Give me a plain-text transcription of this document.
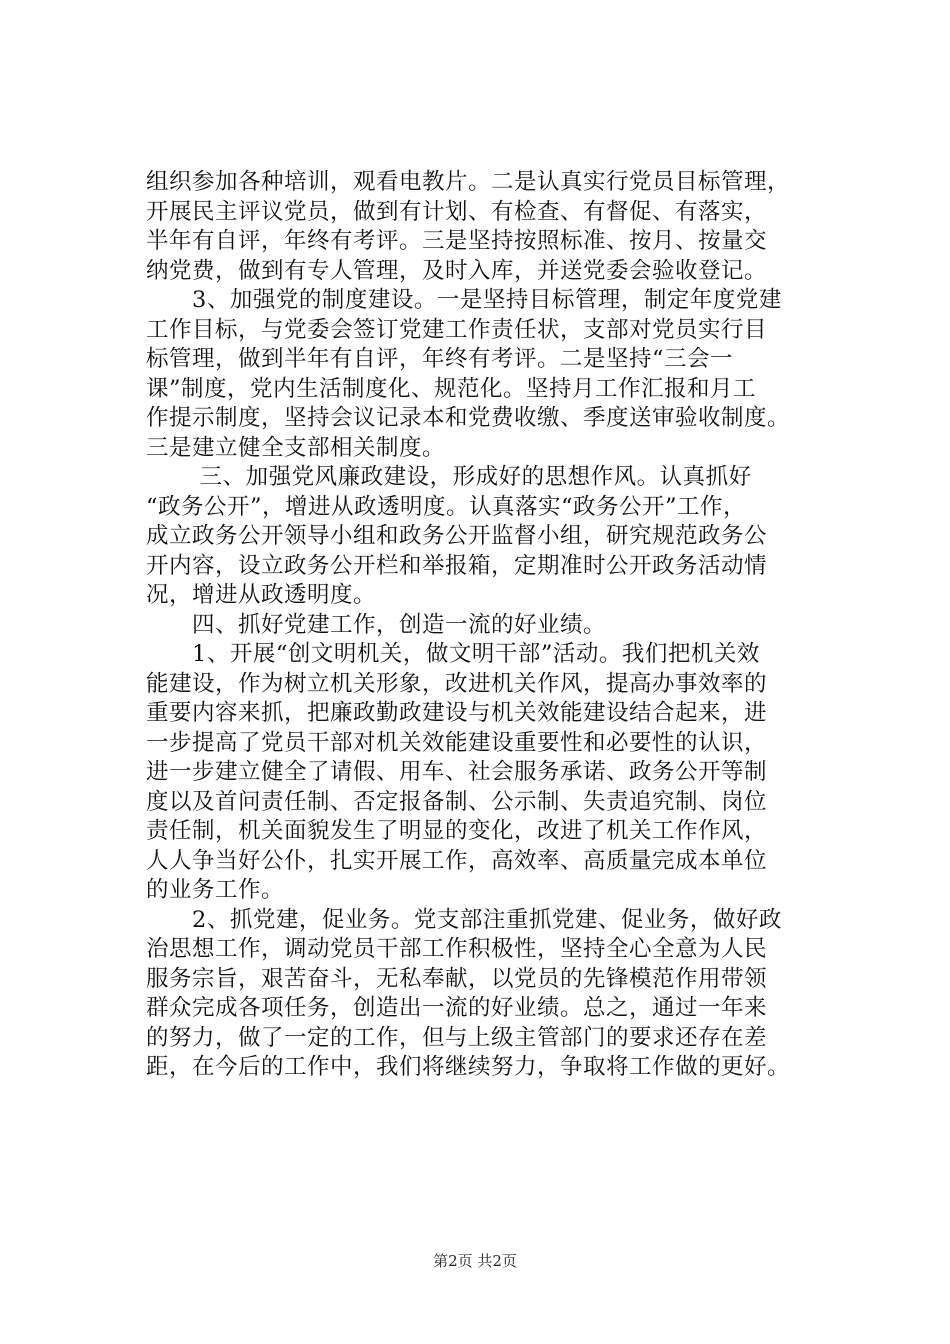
组织参加各种培训，观看电教片。二是认真实行党员目标管理，
开展民主评议党员，做到有计划、有检查、有督促、有落实，
半年有自评，年终有考评。三是坚持按照标准、按月、按量交
纳党费，做到有专人管理，及时入库，并送党委会验收登记。
　　3、加强党的制度建设。一是坚持目标管理，制定年度党建
工作目标，与党委会签订党建工作责任状，支部对党员实行目
标管理，做到半年有自评，年终有考评。二是坚持“三会一
课”制度，党内生活制度化、规范化。坚持月工作汇报和月工
作提示制度，坚持会议记录本和党费收缴、季度送审验收制度。
三是建立健全支部相关制度。
　　 三、加强党风廉政建设，形成好的思想作风。认真抓好
“政务公开”，增进从政透明度。认真落实“政务公开”工作，
成立政务公开领导小组和政务公开监督小组，研究规范政务公
开内容，设立政务公开栏和举报箱，定期准时公开政务活动情
况，增进从政透明度。
　　四、抓好党建工作，创造一流的好业绩。
　　1、开展“创文明机关，做文明干部”活动。我们把机关效
能建设，作为树立机关形象，改进机关作风，提高办事效率的
重要内容来抓，把廉政勤政建设与机关效能建设结合起来，进
一步提高了党员干部对机关效能建设重要性和必要性的认识，
进一步建立健全了请假、用车、社会服务承诺、政务公开等制
度以及首问责任制、否定报备制、公示制、失责追究制、岗位
责任制，机关面貌发生了明显的变化，改进了机关工作作风，
人人争当好公仆，扎实开展工作，高效率、高质量完成本单位
的业务工作。
　　2、抓党建，促业务。党支部注重抓党建、促业务，做好政
治思想工作，调动党员干部工作积极性，坚持全心全意为人民
服务宗旨，艰苦奋斗，无私奉献，以党员的先锋模范作用带领
群众完成各项任务，创造出一流的好业绩。总之，通过一年来
的努力，做了一定的工作，但与上级主管部门的要求还存在差
距，在今后的工作中，我们将继续努力，争取将工作做的更好。
第2页 共2页
